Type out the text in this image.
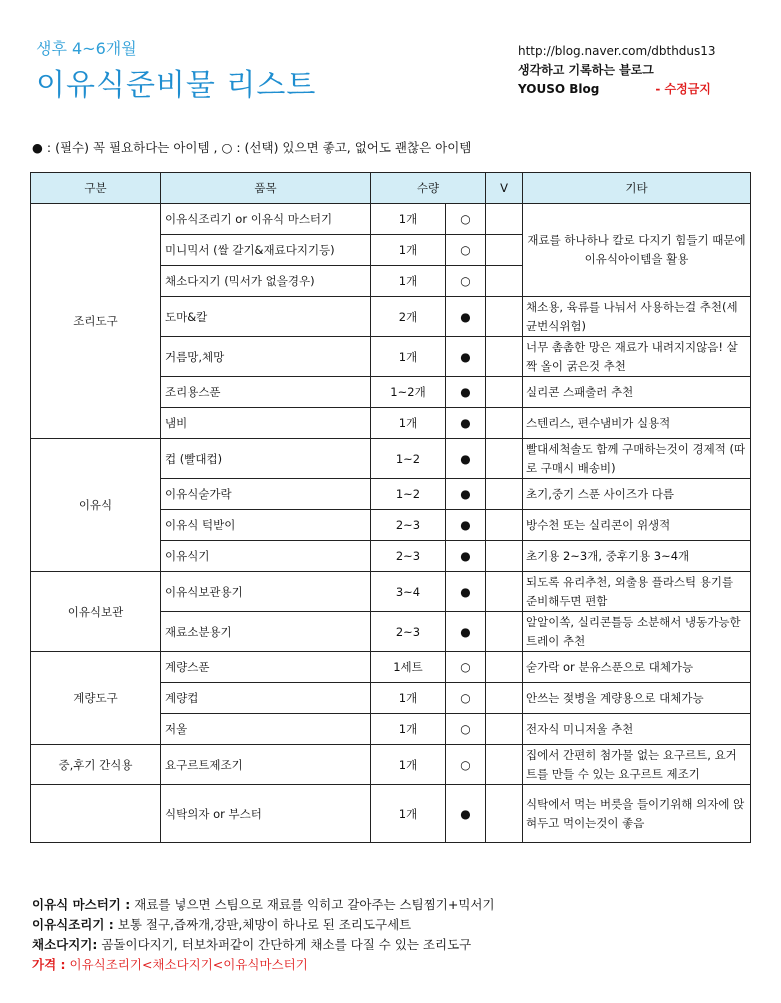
생후 4~6개월
이유식준비물 리스트
http://blog.naver.com/dbthdus13
생각하고 기록하는 블로그
YOUSO Blog	- 수정금지
● : (필수) 꼭 필요하다는 아이템 , ○ : (선택) 있으면 좋고, 없어도 괜찮은 아이템
구분	품목	수량		V	기타
조리도구	이유식조리기 or 이유식 마스터기	1개	○		재료를 하나하나 칼로 다지기 힘들기 때문에 이유식아이템을 활용
	미니믹서 (쌀 갈기&재료다지기등)	1개	○		
	채소다지기 (믹서가 없을경우)	1개	○		
	도마&칼	2개	●		채소용, 육류를 나눠서 사용하는걸 추천(세균번식위험)
	거름망,체망	1개	●		너무 촘촘한 망은 재료가 내려지지않음! 살짝 올이 굵은것 추천
	조리용스푼	1~2개	●		실리콘 스패출러 추천
	냄비	1개	●		스텐리스, 편수냄비가 실용적
이유식	컵 (빨대컵)	1~2	●		빨대세척솔도 함께 구매하는것이 경제적 (따로 구매시 배송비)
	이유식숟가락	1~2	●		초기,중기 스푼 사이즈가 다름
	이유식 턱받이	2~3	●		방수천 또는 실리콘이 위생적
	이유식기	2~3	●		초기용 2~3개, 중후기용 3~4개
이유식보관	이유식보관용기	3~4	●		되도록 유리추천, 외출용 플라스틱 용기를 준비해두면 편함
	재료소분용기	2~3	●		알알이쏙, 실리콘틀등 소분해서 냉동가능한 트레이 추천
계량도구	계량스푼	1세트	○		숟가락 or 분유스푼으로 대체가능
	계량컵	1개	○		안쓰는 젖병을 계량용으로 대체가능
	저울	1개	○		전자식 미니저울 추천
중,후기 간식용	요구르트제조기	1개	○		집에서 간편히 첨가물 없는 요구르트, 요거트를 만들 수 있는 요구르트 제조기
	식탁의자 or 부스터	1개	●		식탁에서 먹는 버릇을 들이기위해 의자에 앉혀두고 먹이는것이 좋음
이유식 마스터기 : 재료를 넣으면 스팀으로 재료를 익히고 갈아주는 스팀찜기+믹서기
이유식조리기 : 보통 절구,즙짜개,강판,체망이 하나로 된 조리도구세트
채소다지기: 곰돌이다지기, 터보차퍼같이 간단하게 채소를 다질 수 있는 조리도구
가격 : 이유식조리기<채소다지기<이유식마스터기
